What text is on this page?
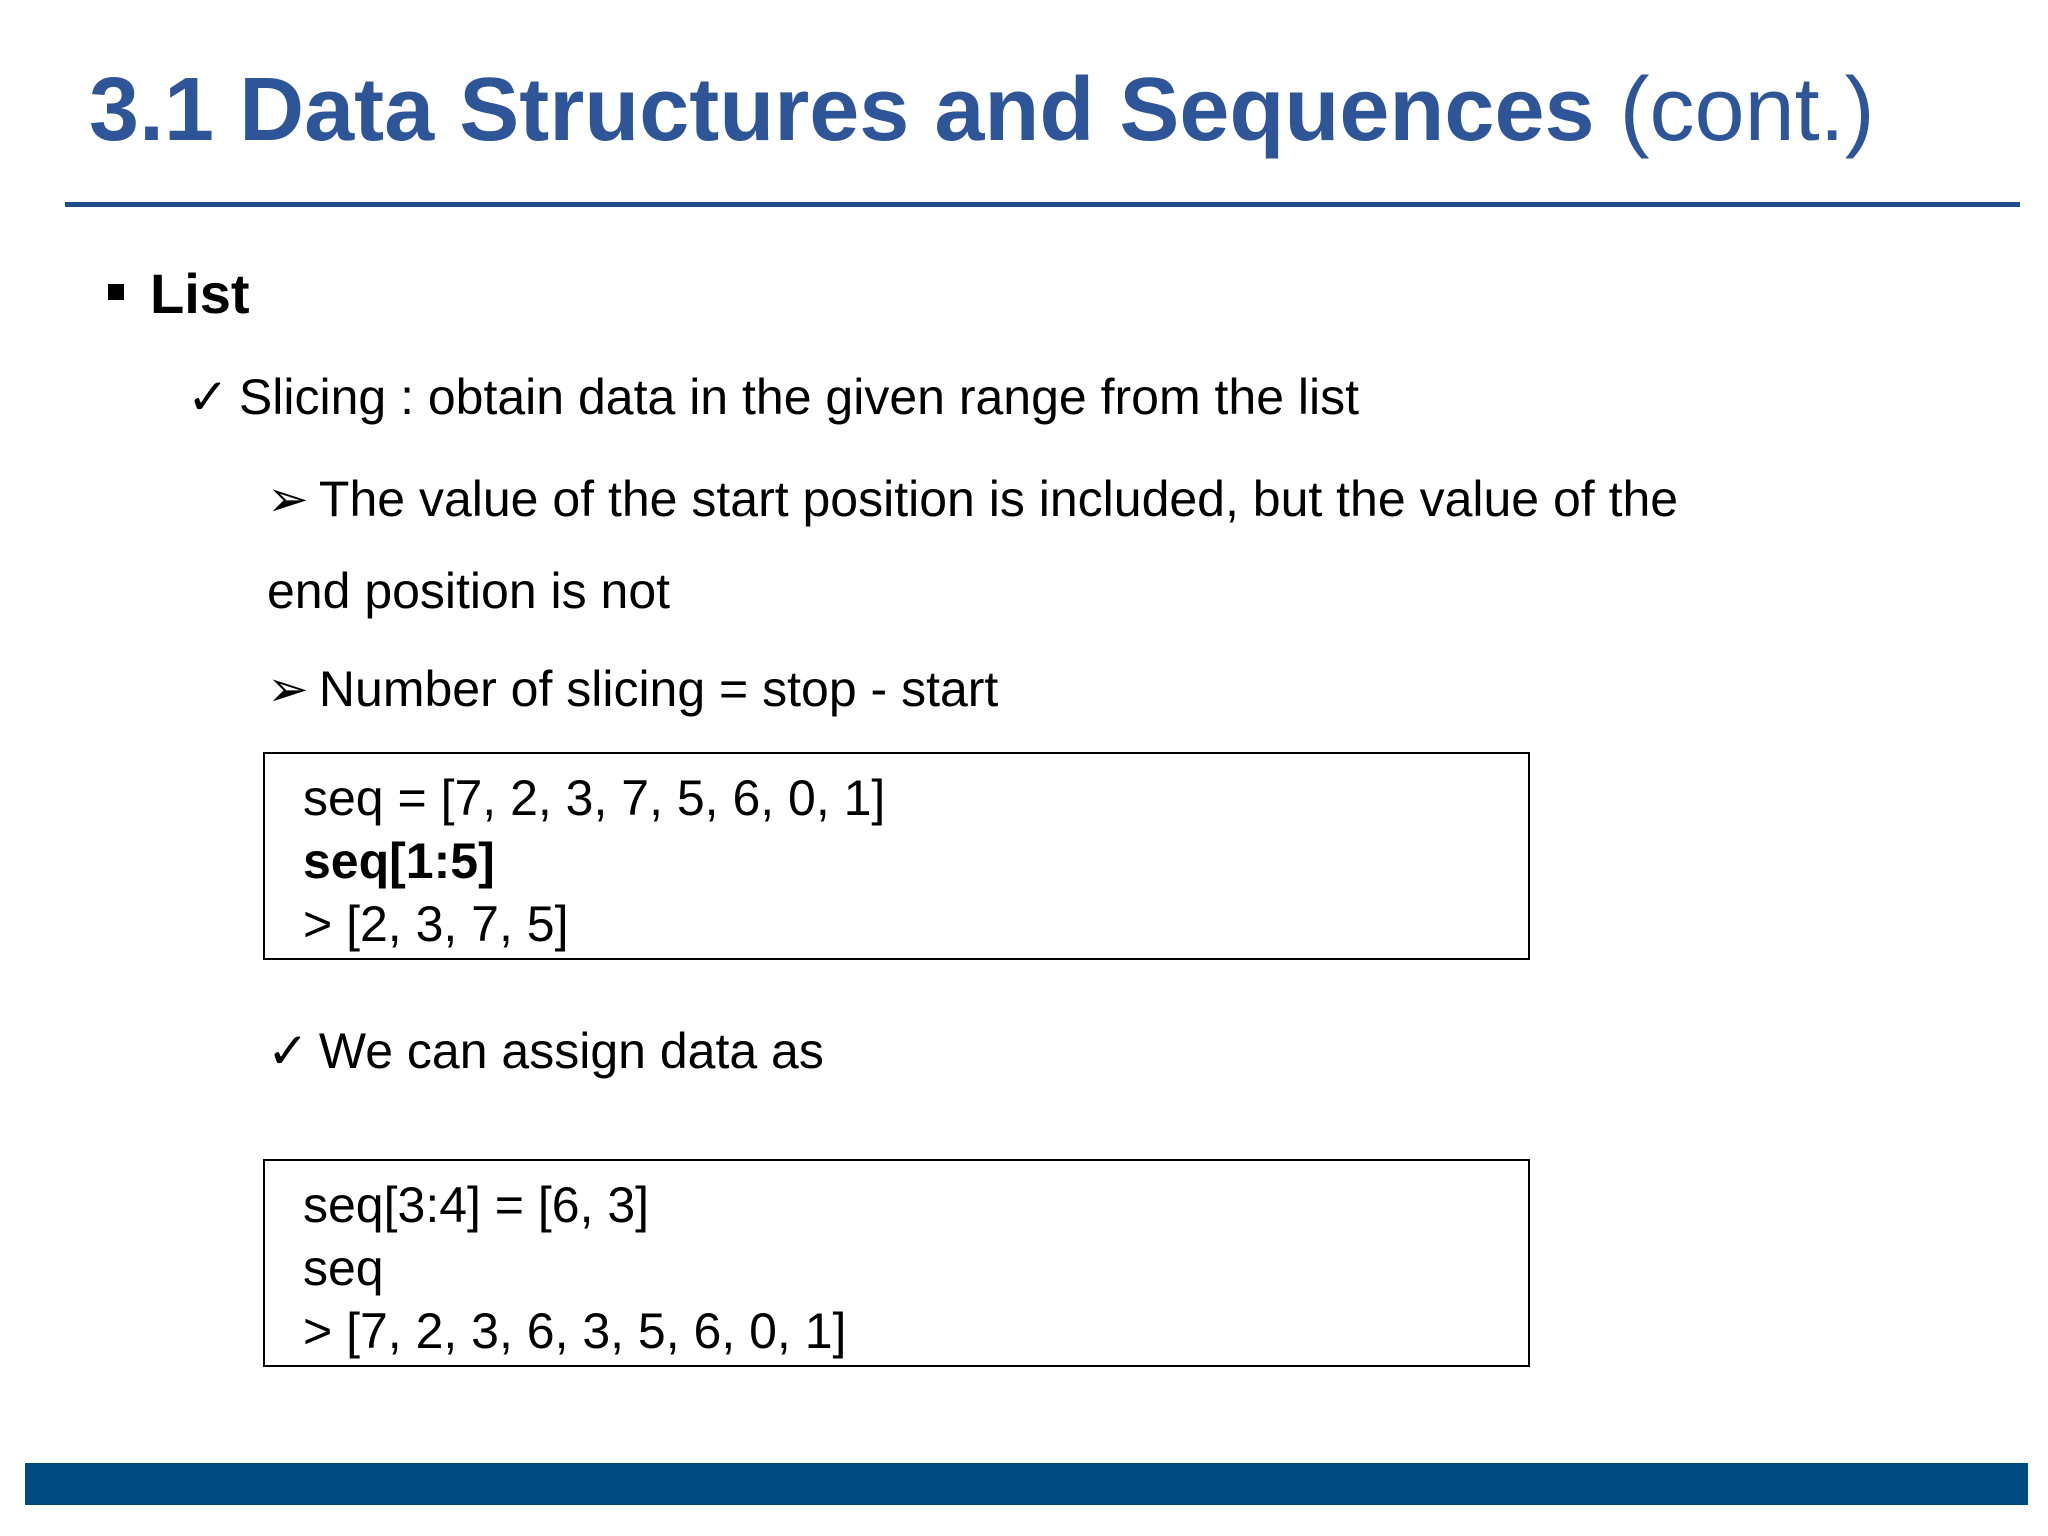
3.1 Data Structures and Sequences (cont.)
List
✓ Slicing : obtain data in the given range from the list
➢ The value of the start position is included, but the value of the
end position is not
➢ Number of slicing = stop - start
seq = [7, 2, 3, 7, 5, 6, 0, 1]
seq[1:5]
> [2, 3, 7, 5]
✓ We can assign data as
seq[3:4] = [6, 3]
seq
> [7, 2, 3, 6, 3, 5, 6, 0, 1]
